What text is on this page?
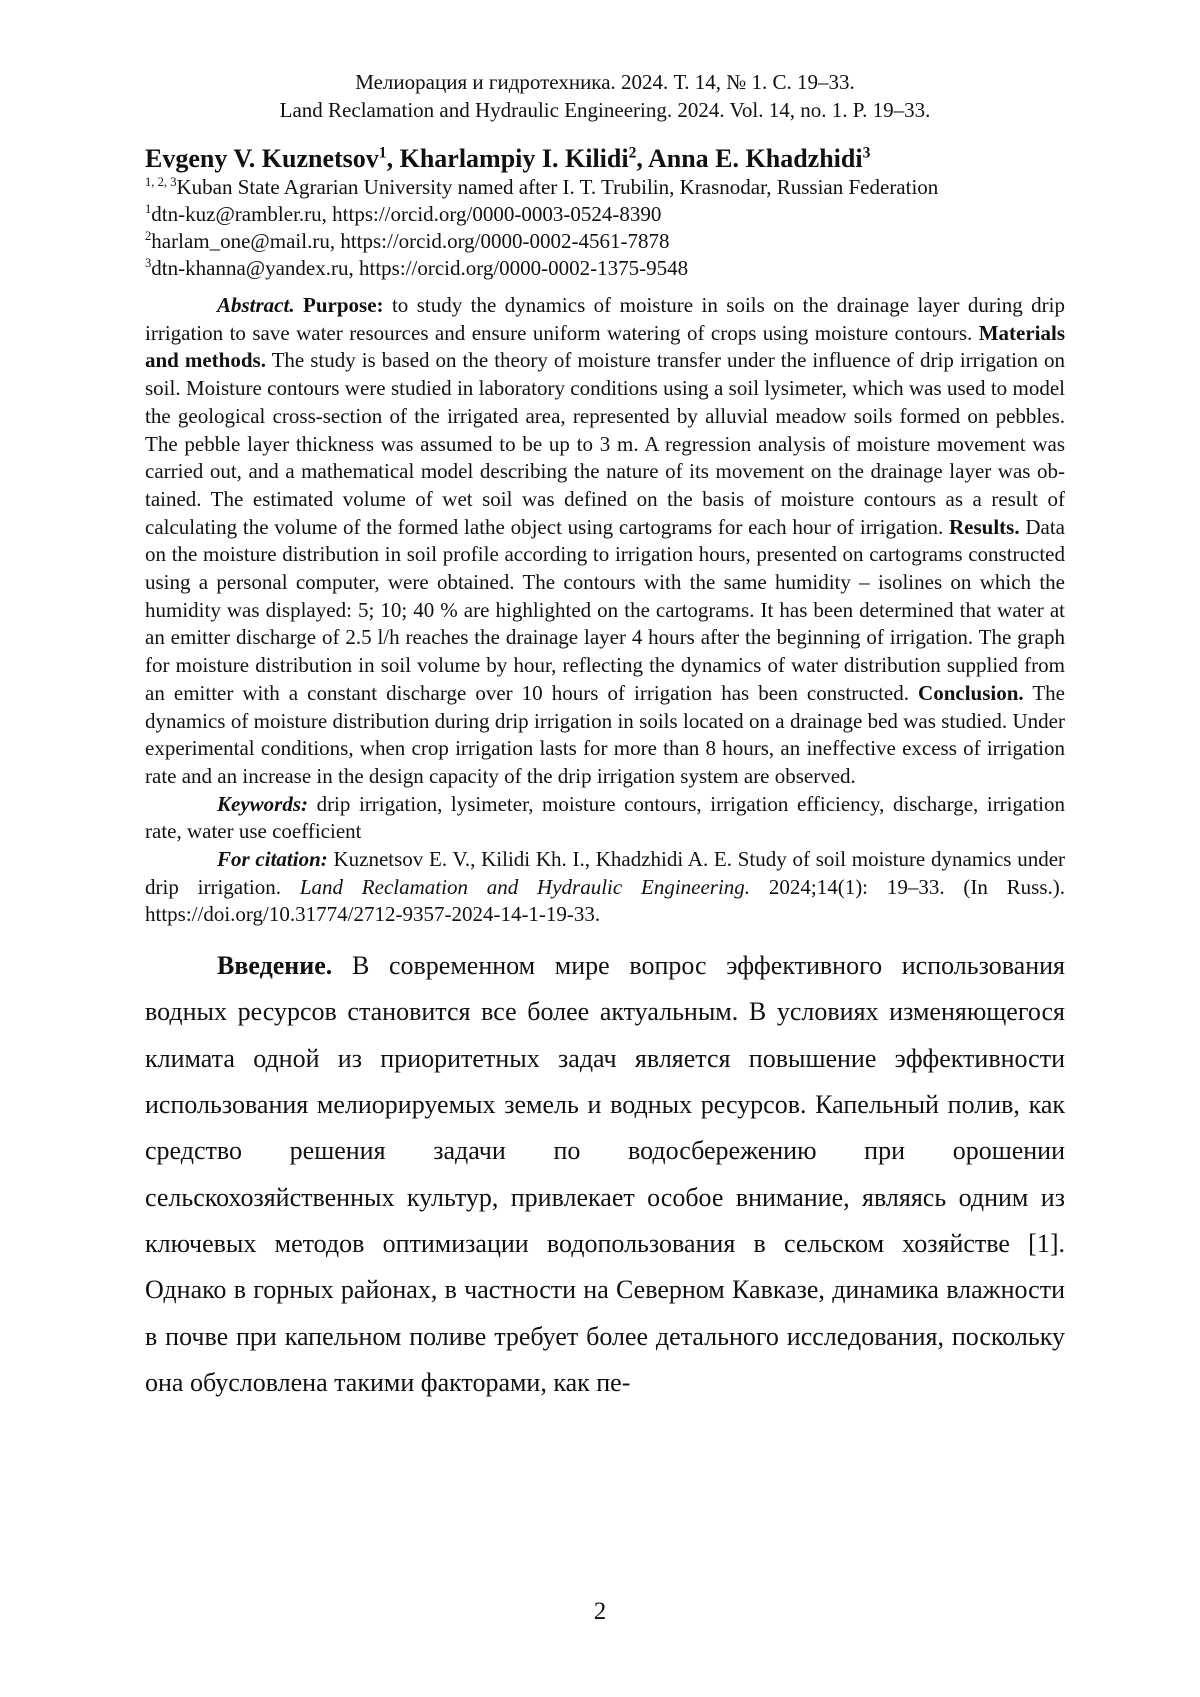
Мелиорация и гидротехника. 2024. Т. 14, № 1. С. 19–33.
Land Reclamation and Hydraulic Engineering. 2024. Vol. 14, no. 1. P. 19–33.
Evgeny V. Kuznetsov$^1$, Kharlampiy I. Kilidi$^2$, Anna E. Khadzhidi$^3$
$^{1, 2, 3}$Kuban State Agrarian University named after I. T. Trubilin, Krasnodar, Russian Federation
$^1$dtn-kuz@rambler.ru, https://orcid.org/0000-0003-0524-8390
$^2$harlam_one@mail.ru, https://orcid.org/0000-0002-4561-7878
$^3$dtn-khanna@yandex.ru, https://orcid.org/0000-0002-1375-9548

Abstract. Purpose: to study the dynamics of moisture in soils on the drainage layer during drip irrigation to save water resources and ensure uniform watering of crops using moisture contours. Materials and methods. The study is based on the theory of moisture transfer under the influence of drip irrigation on soil. Moisture contours were studied in laboratory conditions using a soil lysimeter, which was used to model the geological cross-section of the irrigated area, represented by alluvial meadow soils formed on pebbles. The pebble layer thickness was assumed to be up to 3 m. A regression analysis of moisture movement was carried out, and a mathematical model describing the nature of its movement on the drainage layer was obtained. The estimated volume of wet soil was defined on the basis of moisture contours as a result of calculating the volume of the formed lathe object using cartograms for each hour of irrigation. Results. Data on the moisture distribution in soil profile according to irrigation hours, presented on cartograms constructed using a personal computer, were obtained. The contours with the same humidity – isolines on which the humidity was displayed: 5; 10; 40 % are highlighted on the cartograms. It has been determined that water at an emitter discharge of 2.5 l/h reaches the drainage layer 4 hours after the beginning of irrigation. The graph for moisture distribution in soil volume by hour, reflecting the dynamics of water distribution supplied from an emitter with a constant discharge over 10 hours of irrigation has been constructed. Conclusion. The dynamics of moisture distribution during drip irrigation in soils located on a drainage bed was studied. Under experimental conditions, when crop irrigation lasts for more than 8 hours, an ineffective excess of irrigation rate and an increase in the design capacity of the drip irrigation system are observed.

Keywords: drip irrigation, lysimeter, moisture contours, irrigation efficiency, discharge, irrigation rate, water use coefficient

For citation: Kuznetsov E. V., Kilidi Kh. I., Khadzhidi A. E. Study of soil moisture dynamics under drip irrigation. Land Reclamation and Hydraulic Engineering. 2024;14(1): 19–33. (In Russ.). https://doi.org/10.31774/2712-9357-2024-14-1-19-33.

Введение. В современном мире вопрос эффективного использования водных ресурсов становится все более актуальным. В условиях изменяющегося климата одной из приоритетных задач является повышение эффективности использования мелиорируемых земель и водных ресурсов. Капельный полив, как средство решения задачи по водосбережению при орошении сельскохозяйственных культур, привлекает особое внимание, являясь одним из ключевых методов оптимизации водопользования в сельском хозяйстве [1]. Однако в горных районах, в частности на Северном Кавказе, динамика влажности в почве при капельном поливе требует более детального исследования, поскольку она обусловлена такими факторами, как пе-

2
